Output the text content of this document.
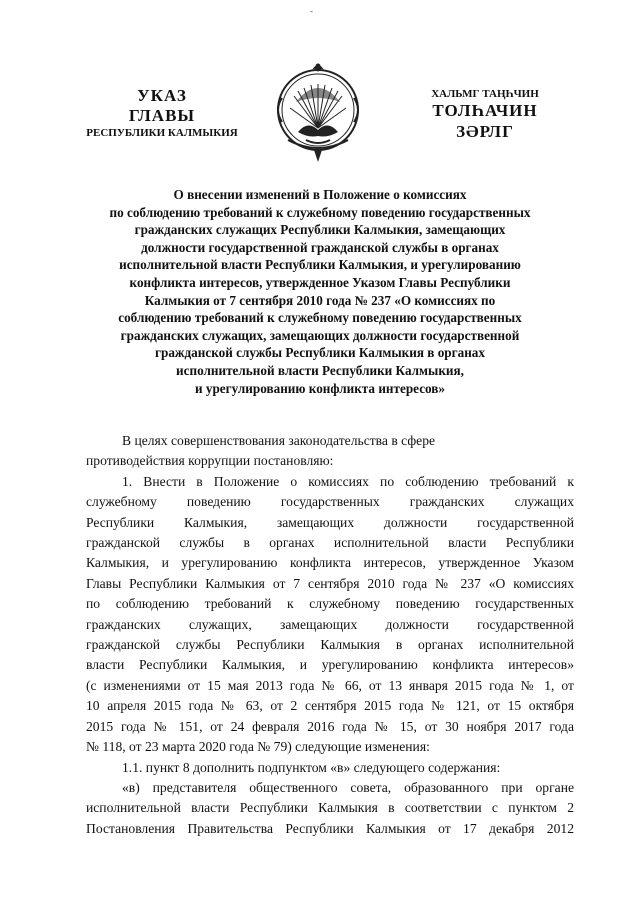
-
УКАЗ
ГЛАВЫ
РЕСПУБЛИКИ КАЛМЫКИЯ
ХАЛЬМГ ТАҢҺЧИН
ТОЛҺАЧИН
ЗӘРЛГ
О внесении изменений в Положение о комиссиях
по соблюдению требований к служебному поведению государственных
гражданских служащих Республики Калмыкия, замещающих
должности государственной гражданской службы в органах
исполнительной власти Республики Калмыкия, и урегулированию
конфликта интересов, утвержденное Указом Главы Республики
Калмыкия от 7 сентября 2010 года № 237 «О комиссиях по
соблюдению требований к служебному поведению государственных
гражданских служащих, замещающих должности государственной
гражданской службы Республики Калмыкия в органах
исполнительной власти Республики Калмыкия,
и урегулированию конфликта интересов»

В целях совершенствования законодательства в сфере

противодействия коррупции постановляю:

1. Внести в Положение о комиссиях по соблюдению требований к

служебному поведению государственных гражданских служащих

Республики Калмыкия, замещающих должности государственной

гражданской службы в органах исполнительной власти Республики

Калмыкия, и урегулированию конфликта интересов, утвержденное Указом

Главы Республики Калмыкия от 7 сентября 2010 года № 237 «О комиссиях

по соблюдению требований к служебному поведению государственных

гражданских служащих, замещающих должности государственной

гражданской службы Республики Калмыкия в органах исполнительной

власти Республики Калмыкия, и урегулированию конфликта интересов»

(с изменениями от 15 мая 2013 года № 66, от 13 января 2015 года № 1, от

10 апреля 2015 года № 63, от 2 сентября 2015 года № 121, от 15 октября

2015 года № 151, от 24 февраля 2016 года № 15, от 30 ноября 2017 года

№ 118, от 23 марта 2020 года № 79) следующие изменения:

1.1. пункт 8 дополнить подпунктом «в» следующего содержания:

«в) представителя общественного совета, образованного при органе

исполнительной власти Республики Калмыкия в соответствии с пунктом 2

Постановления Правительства Республики Калмыкия от 17 декабря 2012
